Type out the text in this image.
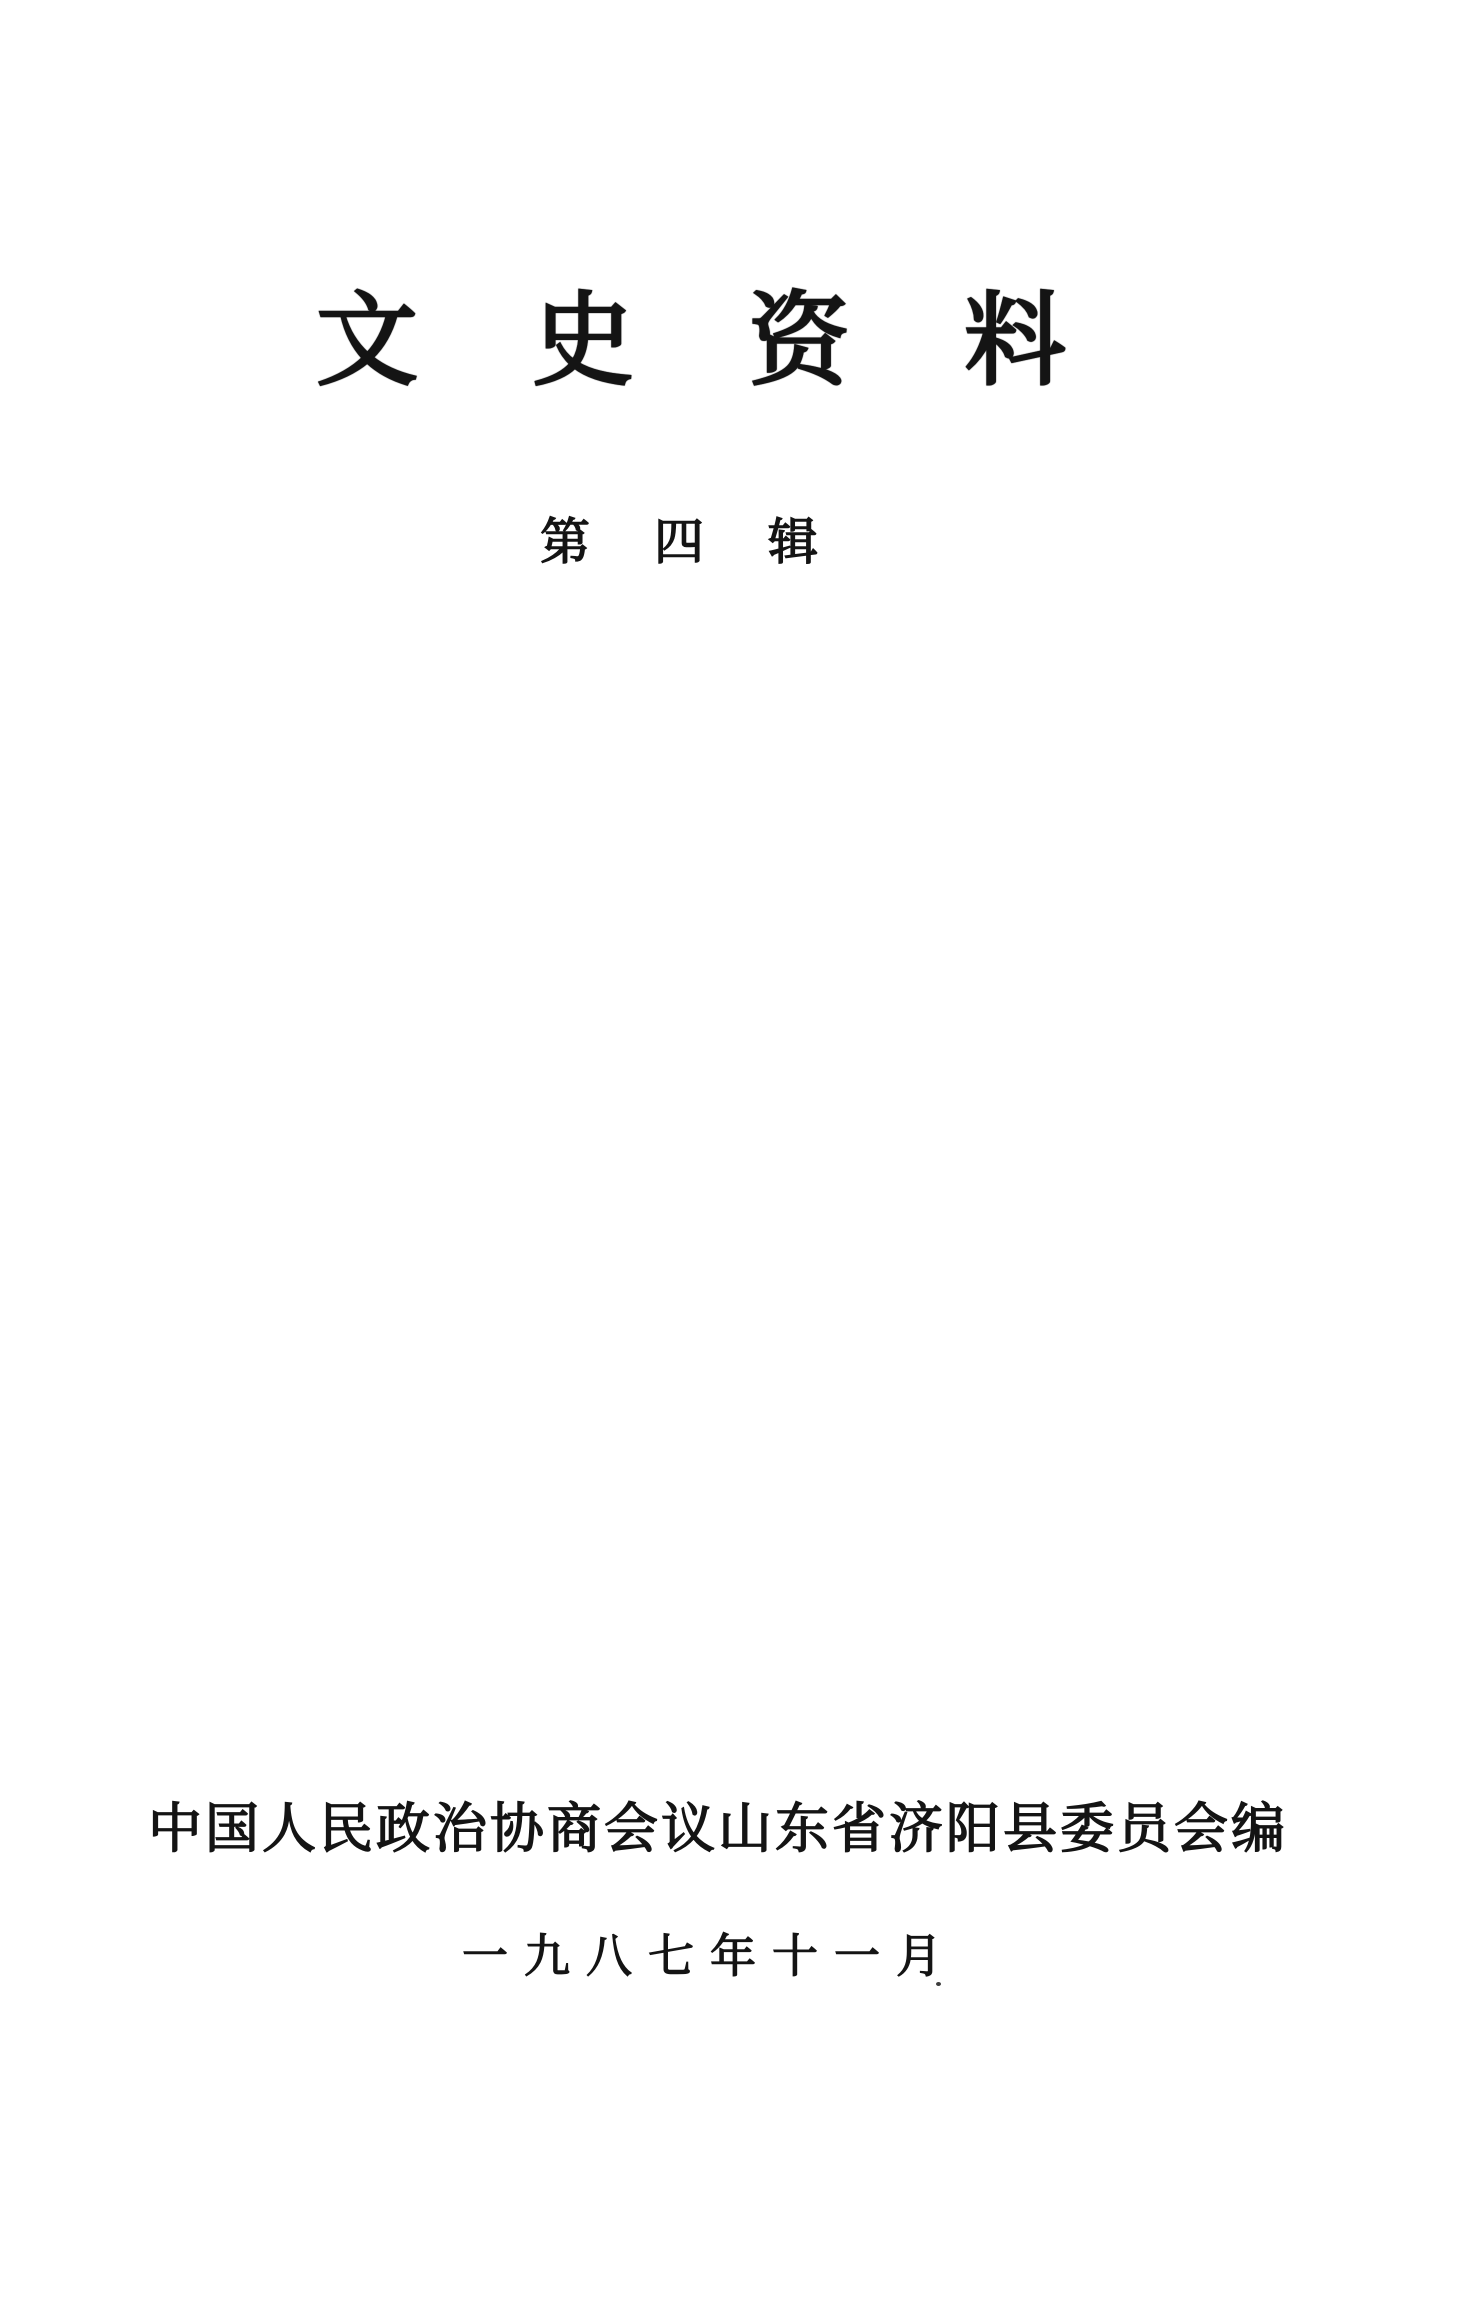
文史资料
第四辑
中国人民政治协商会议山东省济阳县委员会编
一九八七年十一月
